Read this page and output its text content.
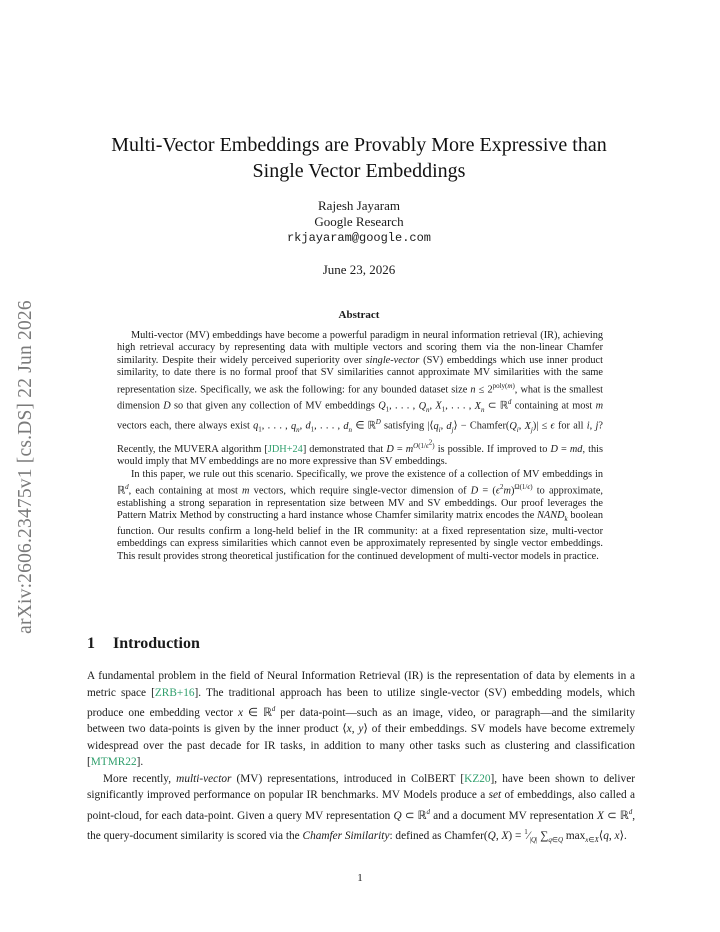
arXiv:2606.23475v1 [cs.DS] 22 Jun 2026
Multi-Vector Embeddings are Provably More Expressive than
Single Vector Embeddings
Rajesh Jayaram
Google Research
rkjayaram@google.com
June 23, 2026
Abstract

Multi-vector (MV) embeddings have become a powerful paradigm in neural information retrieval (IR), achieving high retrieval accuracy by representing data with multiple vectors and scoring them via the non-linear Chamfer similarity. Despite their widely perceived superiority over single-vector (SV) embeddings which use inner product similarity, to date there is no formal proof that SV similarities cannot approximate MV similarities with the same representation size. Specifically, we ask the following: for any bounded dataset size $n \le 2^{poly(m)}$, what is the smallest dimension D so that given any collection of MV embeddings $Q_1$, . . . , $Q_n$, $X_1$, . . . , $X_n$ ⊂ ℝ$^d$ containing at most m vectors each, there always exist $q_1$, . . . , $q_n$, $d_1$, . . . , $d_n$ ∈ ℝ$^D$ satisfying $|⟨q_i$, $d_j⟩$ − $Chamfer(Q_i$, $X_j)| \le \epsilon$ for all i, j? Recently, the MUVERA algorithm [JDH+24] demonstrated that $D = m^{O(1/\epsilon^2)}$ is possible. If improved to D = md, this would imply that MV embeddings are no more expressive than SV embeddings.

In this paper, we rule out this scenario. Specifically, we prove the existence of a collection of MV embeddings in ℝ$^d$, each containing at most m vectors, which require single-vector dimension of $D = (\epsilon^2m)^{\Omega(1/\epsilon)}$ to approximate, establishing a strong separation in representation size between MV and SV embeddings. Our proof leverages the Pattern Matrix Method by constructing a hard instance whose Chamfer similarity matrix encodes the $NAND_k$ boolean function. Our results confirm a long-held belief in the IR community: at a fixed representation size, multi-vector embeddings can express similarities which cannot even be approximately represented by single vector embeddings. This result provides strong theoretical justification for the continued development of multi-vector models in practice.

1 Introduction

A fundamental problem in the field of Neural Information Retrieval (IR) is the representation of data by elements in a metric space [ZRB+16]. The traditional approach has been to utilize single-vector (SV) embedding models, which produce one embedding vector x ∈ ℝ$^d$ per data-point—such as an image, video, or paragraph—and the similarity between two data-points is given by the inner product ⟨x, y⟩ of their embeddings. SV models have become extremely widespread over the past decade for IR tasks, in addition to many other tasks such as clustering and classification [MTMR22].

More recently, multi-vector (MV) representations, introduced in ColBERT [KZ20], have been shown to deliver significantly improved performance on popular IR benchmarks. MV Models produce a set of embeddings, also called a point-cloud, for each data-point. Given a query MV representation Q ⊂ ℝ$^d$ and a document MV representation X ⊂ ℝ$^d$, the query-document similarity is scored via the Chamfer Similarity: defined as Chamfer(Q, $X) = ^1⁄_{|Q|}$ $\sum_{q\in Q}$ $\max_{x\in X}⟨q$, x⟩.

1
